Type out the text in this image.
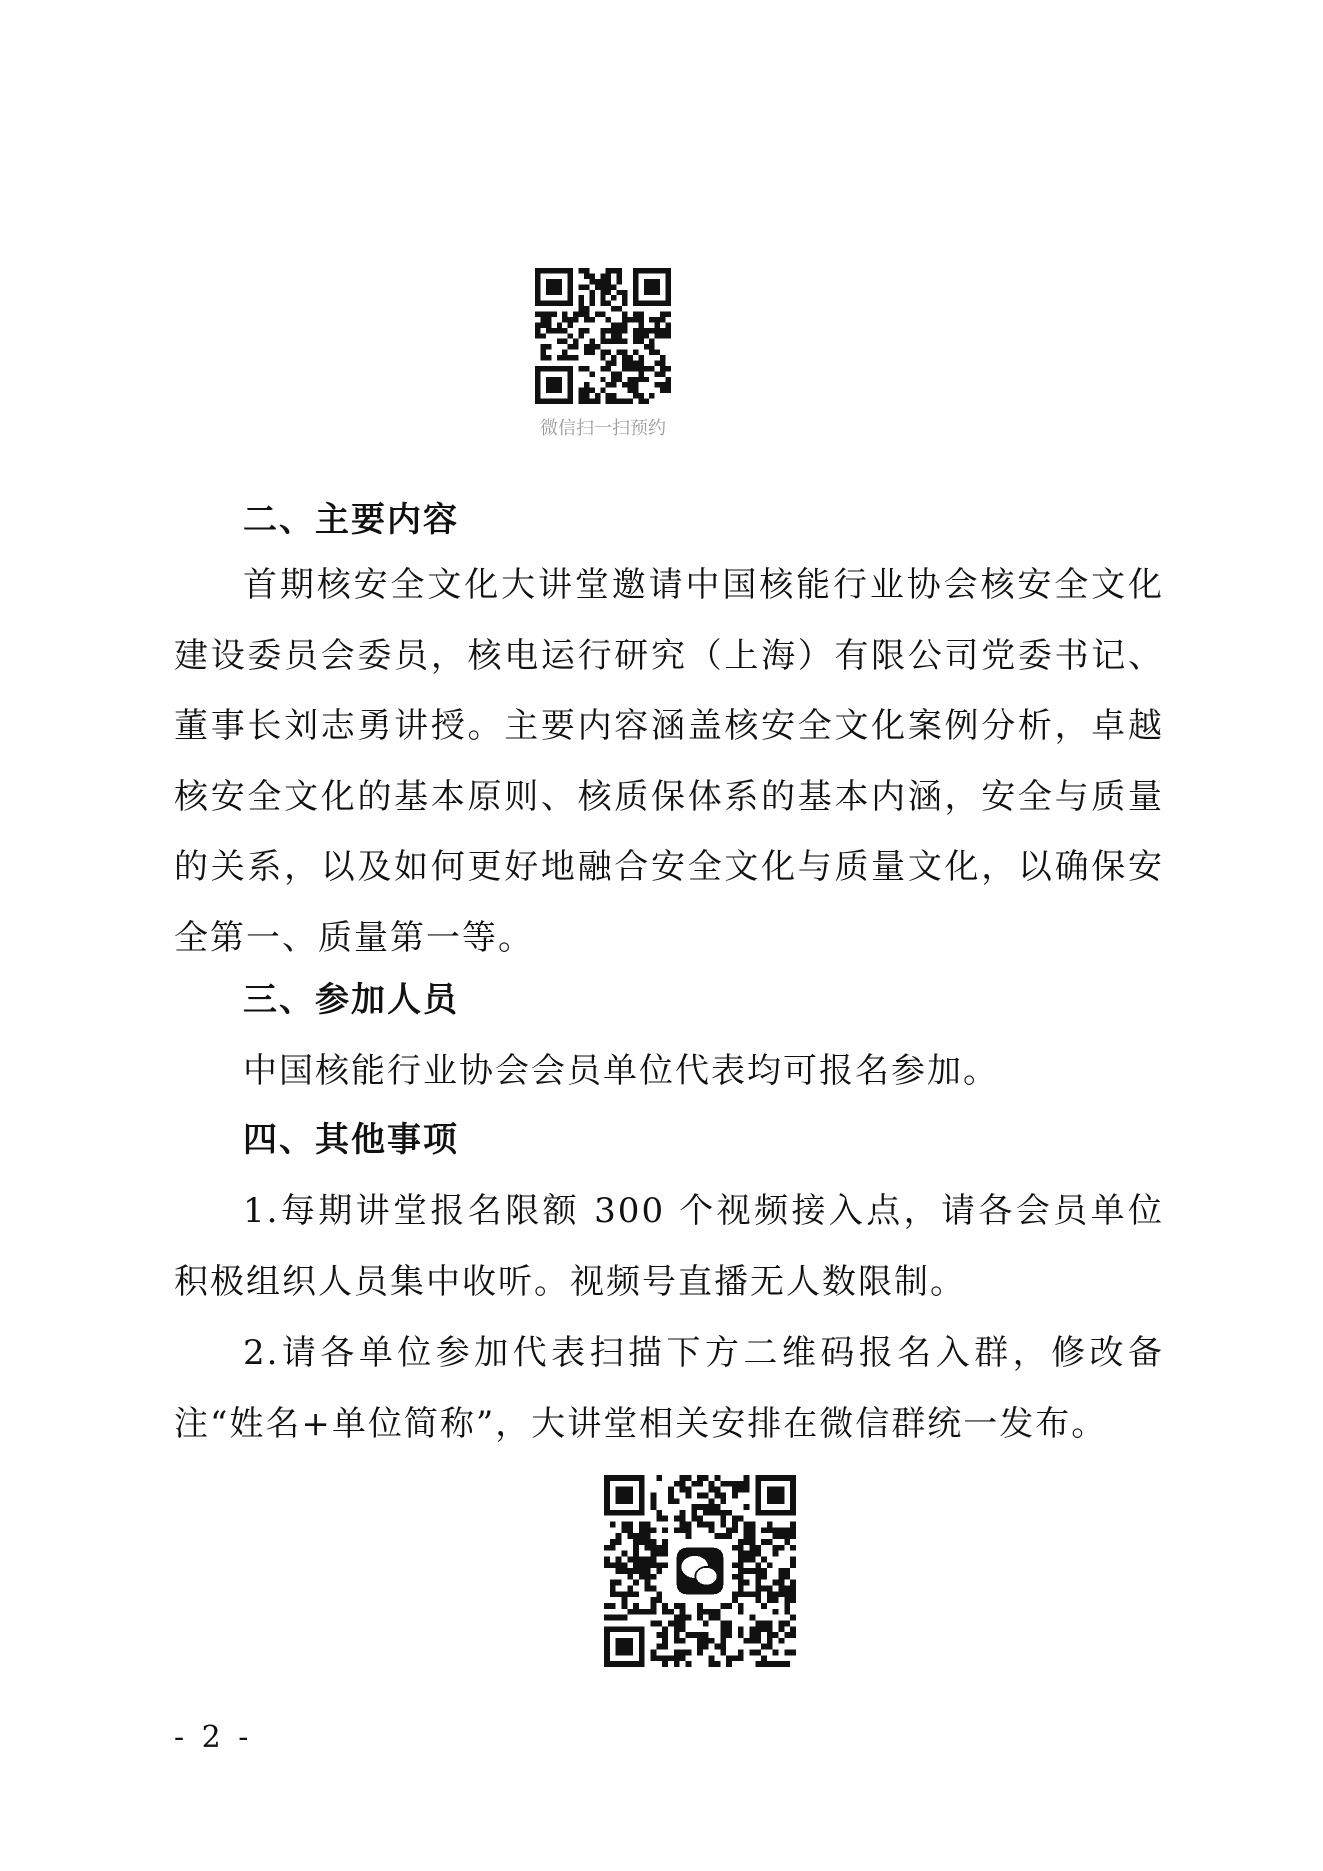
微信扫一扫预约
二、主要内容

首期核安全文化大讲堂邀请中国核能行业协会核安全文化建设委员会委员，核电运行研究（上海）有限公司党委书记、董事长刘志勇讲授。主要内容涵盖核安全文化案例分析，卓越核安全文化的基本原则、核质保体系的基本内涵，安全与质量的关系，以及如何更好地融合安全文化与质量文化，以确保安全第一、质量第一等。

三、参加人员

中国核能行业协会会员单位代表均可报名参加。

四、其他事项

1.每期讲堂报名限额 300 个视频接入点，请各会员单位积极组织人员集中收听。视频号直播无人数限制。

2.请各单位参加代表扫描下方二维码报名入群，修改备注“姓名+单位简称”，大讲堂相关安排在微信群统一发布。

- 2 -
